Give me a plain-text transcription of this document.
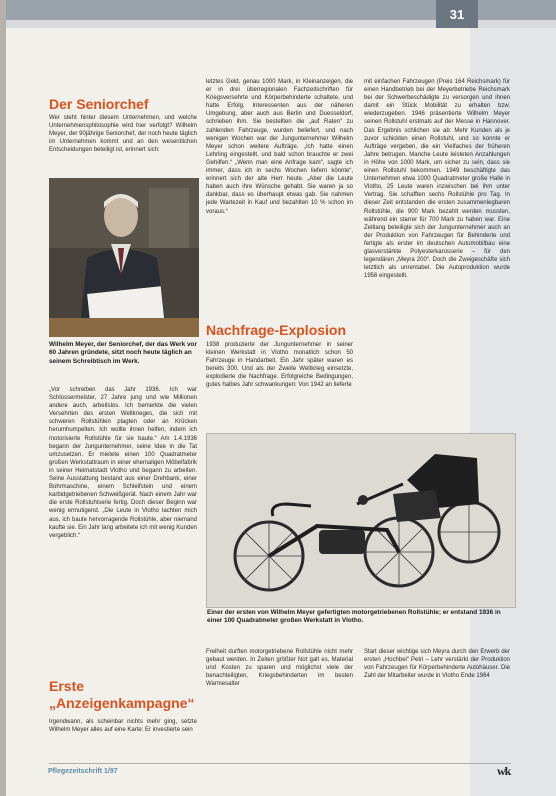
31
Der Seniorchef

Wer steht hinter diesem Unternehmen, und welche Unternehmensphilosophie wird hier verfolgt? Wilhelm Meyer, der 90jährige Seniorchef, der noch heute täglich im Unternehmen kommt und an den wesentlichen Entscheidungen beteiligt ist, erinnert sich:

Wilhelm Meyer, der Seniorchef, der das Werk vor 60 Jahren gründete, sitzt noch heute täglich an seinem Schreibtisch im Werk.

„Vor schreiben das Jahr 1936. Ich war Schlossermeister, 27 Jahre jung und wie Millionen andere auch, arbeitslos. Ich bemerkte die vielen Versehrten des ersten Weltkrieges, die sich mit schweren Rollstühlen plagten oder an Krücken herumhumpelten. Ich wollte ihnen helfen, indem ich motorisierte Rollstühle für sie baute.“ Am 1.4.1936 begann der Jungunternehmer, seine Idee in die Tat umzusetzen. Er mietete einen 100 Quadratmeter großen Werkstattraum in einer ehemaligen Möbelfabrik in seiner Heimatstadt Vlotho und begann zu arbeiten. Seine Ausstattung bestand aus einer Drehbank, einer Bohrmaschine, einem Schleifstein und einem karbidgetriebenen Schweißgerät. Nach einem Jahr war die erste Rollstuhlserie fertig. Doch dieser Beginn war wenig ermutigend. „Die Leute in Vlotho lachten mich aus, ich baute hervorragende Rollstühle, aber niemand kaufte sie. Ein Jahr lang arbeitete ich mit wenig Kunden vergeblich.“

Erste
„Anzeigenkampagne“

Irgendwann, als scheinbar nichts mehr ging, setzte Wilhelm Meyer alles auf eine Karte: Er investierte sein

letztes Geld, genau 1000 Mark, in Kleinanzeigen, die er in drei überregionalen Fachzeitschriften für Kriegsversehrte und Körperbehinderte schaltete, und hatte Erfolg. Interessenten aus der näheren Umgebung, aber auch aus Berlin und Duesseldorf, schrieben ihm. Sie bestellten die „auf Raten“ zu zahlenden Fahrzeuge, wurden beliefert, und nach wenigen Wochen war der Jungunternehmer Wilhelm Meyer schon weitere Aufträge. „Ich hatte einen Lehrling eingestellt, und bald schon brauchte er zwei Gehilfen.“ „Wenn man eine Anfrage kam“, sagte ich immer, dass ich in sechs Wochen liefern könnte“, erinnert sich der alte Herr heute. „Aber die Leute haben auch ihre Wünsche gehabt. Sie waren ja so dankbar, dass es überhaupt etwas gab. Sie nahmen jede Wartezeit in Kauf und bezahlten 10 % schon im voraus.“

Nachfrage-Explosion

1938 produzierte der Jungunternehmer in seiner kleinen Werkstatt in Vlotho monatlich schon 50 Fahrzeuge in Handarbeit. Ein Jahr später waren es bereits 300. Und als der Zweite Weltkrieg einsetzte, explodierte die Nachfrage. Erfolgreiche Bedingungen, gutes halbes Jahr schwankungen: Von 1942 an lieferte

mit einfachen Fahrzeugen (Preis 164 Reichsmark) für einen Handbetrieb bei der Meyerbetriebe Reichsmark bei der Schwerbeschädigte zu versorgen und ihnen damit ein Stück Mobilität zu erhalten bzw. wiederzugeben. 1946 präsentierte Wilhelm Meyer seinen Rollstuhl erstmals auf der Messe in Hannover. Das Ergebnis schlichen sie ab: Mehr Kunden als je zuvor schickten einen Rollstuhl, und so konnte er Aufträge vergeben, die ein Vielfaches der früheren Jahre betrugen. Manche Leute leisteten Anzahlungen in Höhe von 1000 Mark, um sicher zu sein, dass sie einen Rollstuhl bekommen. 1949 beschäftigte das Unternehmen etwa 1000 Quadratmeter große Halle in Vlotho, 25 Leute waren inzwischen bei ihm unter Vertrag. Sie schafften sechs Rollstühle pro Tag. In dieser Zeit entstanden die ersten zusammenlegbaren Rollstühle, die 900 Mark bezahlt werden mussten, während ein starrer für 700 Mark zu haben war. Eine Zeitlang beteiligte sich der Jungunternehmer auch an der Produktion von Fahrzeugen für Behinderte und fertigte als erster im deutschen Automobilbau eine glasverstärkte Polyesterkarosserie – für den legendären „Meyra 200“. Doch die Zweigeschäfte sich letztlich als unrentabel. Die Autoproduktion wurde 1956 eingestellt.

Einer der ersten von Wilhelm Meyer gefertigten motorgetriebenen Rollstühle; er entstand 1936 in einer 100 Quadratmeter großen Werkstatt in Vlotho.

Freiheit durften motorgetriebene Rollstühle nicht mehr gebaut werden. In Zeiten größter Not galt es, Material und Kosten zu sparen und möglichst viele der benachteiligten, Kriegsbehinderten im besten Warmesalter

Start dieser wichtige sich Meyra durch den Erwerb der ersten „Hochbei“ Petri – Lehr verstärkt der Produktion von Fahrzeugen für Körperbehinderte Autohäuser. Die Zahl der Mitarbeiter wurde in Vlotho Ende 1964

Pflegezeitschrift 1/97	wk
